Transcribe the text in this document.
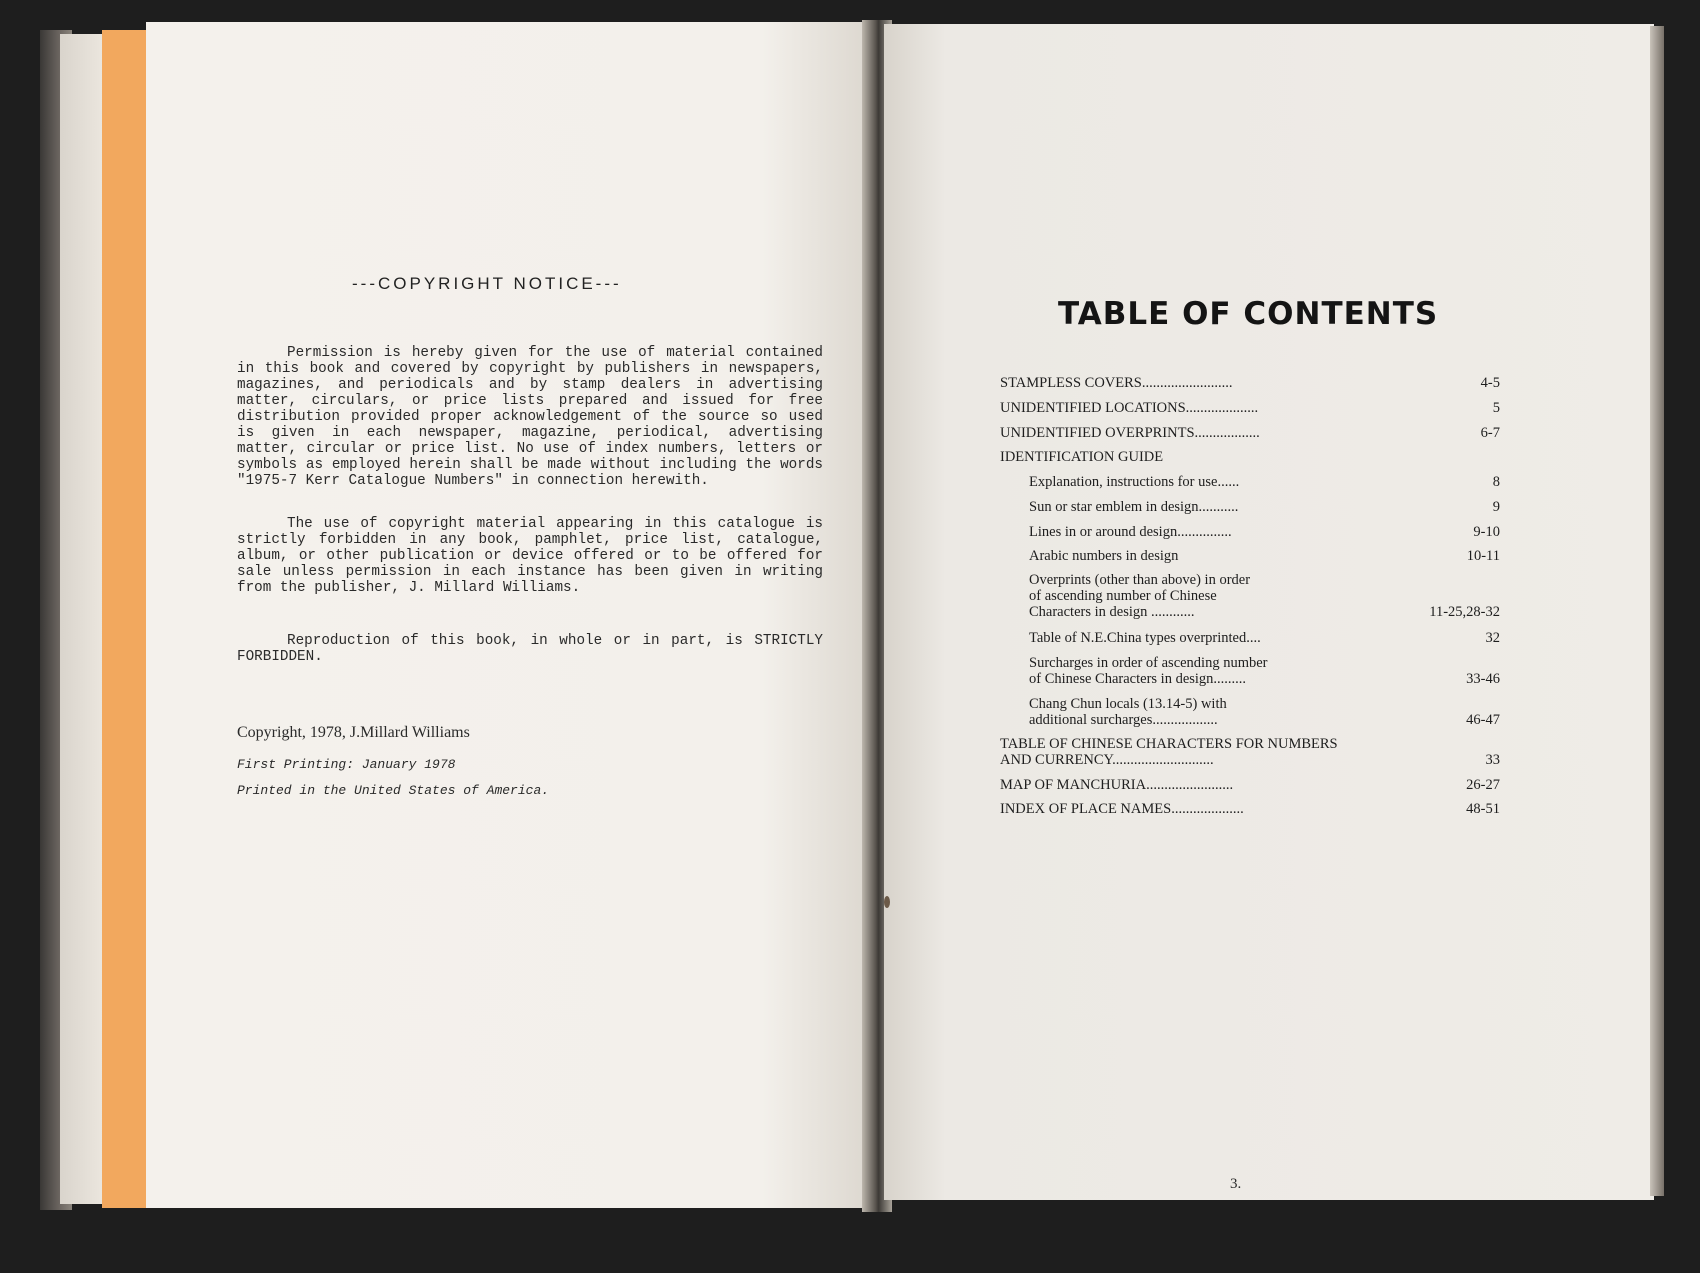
---COPYRIGHT NOTICE---

Permission is hereby given for the use of material contained in this book and covered by copyright by publishers in newspapers, magazines, and periodicals and by stamp dealers in advertising matter, circulars, or price lists prepared and issued for free distribution provided proper acknowledgement of the source so used is given in each newspaper, magazine, periodical, advertising matter, circular or price list. No use of index numbers, letters or symbols as employed herein shall be made without including the words "1975-7 Kerr Catalogue Numbers" in connection herewith.

The use of copyright material appearing in this catalogue is strictly forbidden in any book, pamphlet, price list, catalogue, album, or other publication or device offered or to be offered for sale unless permission in each instance has been given in writing from the publisher, J. Millard Williams.

Reproduction of this book, in whole or in part, is STRICTLY FORBIDDEN.

Copyright, 1978, J.Millard Williams
First Printing: January 1978
Printed in the United States of America.
TABLE OF CONTENTS
STAMPLESS COVERS.........................	4-5
UNIDENTIFIED LOCATIONS....................	5
UNIDENTIFIED OVERPRINTS..................	6-7
IDENTIFICATION GUIDE
Explanation, instructions for use......	8
Sun or star emblem in design...........	9
Lines in or around design...............	9-10
Arabic numbers in design	10-11
Overprints (other than above) in order
of ascending number of Chinese
Characters in design ............	11-25,28-32
Table of N.E.China types overprinted....	32
Surcharges in order of ascending number
of Chinese Characters in design.........	33-46
Chang Chun locals (13.14-5) with
additional surcharges..................	46-47
TABLE OF CHINESE CHARACTERS FOR NUMBERS
AND CURRENCY............................	33
MAP OF MANCHURIA........................	26-27
INDEX OF PLACE NAMES....................	48-51
3.
